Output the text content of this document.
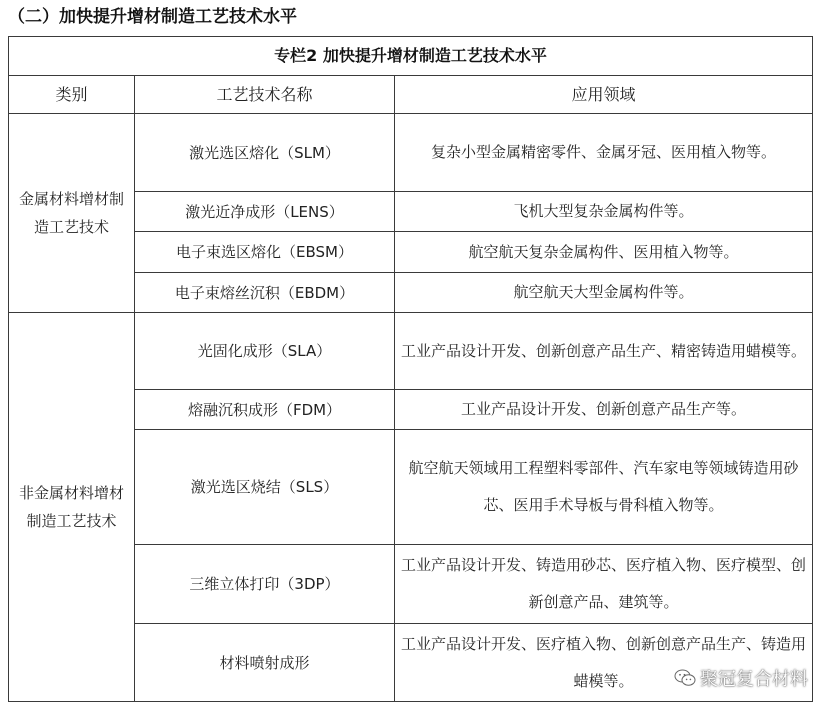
（二）加快提升增材制造工艺技术水平
专栏2 加快提升增材制造工艺技术水平		
类别	工艺技术名称	应用领域
金属材料增材制造工艺技术	激光选区熔化（SLM）	复杂小型金属精密零件、金属牙冠、医用植入物等。
	激光近净成形（LENS）	飞机大型复杂金属构件等。
	电子束选区熔化（EBSM）	航空航天复杂金属构件、医用植入物等。
	电子束熔丝沉积（EBDM）	航空航天大型金属构件等。
非金属材料增材制造工艺技术	光固化成形（SLA）	工业产品设计开发、创新创意产品生产、精密铸造用蜡模等。
	熔融沉积成形（FDM）	工业产品设计开发、创新创意产品生产等。
	激光选区烧结（SLS）	航空航天领域用工程塑料零部件、汽车家电等领域铸造用砂芯、医用手术导板与骨科植入物等。
	三维立体打印（3DP）	工业产品设计开发、铸造用砂芯、医疗植入物、医疗模型、创新创意产品、建筑等。
	材料喷射成形	工业产品设计开发、医疗植入物、创新创意产品生产、铸造用蜡模等。	聚冠复合材料
